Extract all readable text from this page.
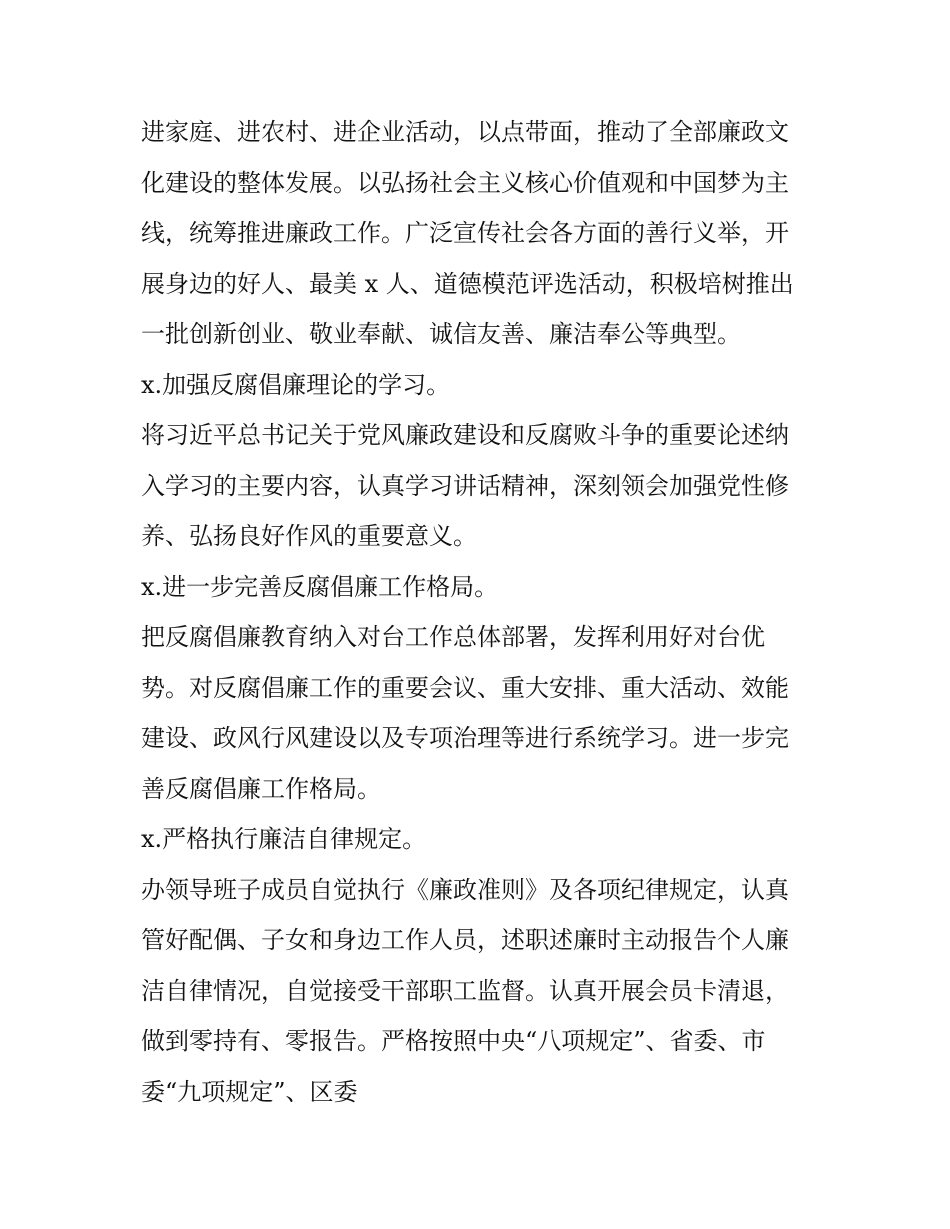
进家庭、进农村、进企业活动，以点带面，推动了全部廉政文
化建设的整体发展。以弘扬社会主义核心价值观和中国梦为主
线，统筹推进廉政工作。广泛宣传社会各方面的善行义举，开
展身边的好人、最美 x 人、道德模范评选活动，积极培树推出
一批创新创业、敬业奉献、诚信友善、廉洁奉公等典型。
x.加强反腐倡廉理论的学习。
将习近平总书记关于党风廉政建设和反腐败斗争的重要论述纳
入学习的主要内容，认真学习讲话精神，深刻领会加强党性修
养、弘扬良好作风的重要意义。
x.进一步完善反腐倡廉工作格局。
把反腐倡廉教育纳入对台工作总体部署，发挥利用好对台优
势。对反腐倡廉工作的重要会议、重大安排、重大活动、效能
建设、政风行风建设以及专项治理等进行系统学习。进一步完
善反腐倡廉工作格局。
x.严格执行廉洁自律规定。
办领导班子成员自觉执行《廉政准则》及各项纪律规定，认真
管好配偶、子女和身边工作人员，述职述廉时主动报告个人廉
洁自律情况，自觉接受干部职工监督。认真开展会员卡清退，
做到零持有、零报告。严格按照中央“八项规定”、省委、市
委“九项规定”、区委
